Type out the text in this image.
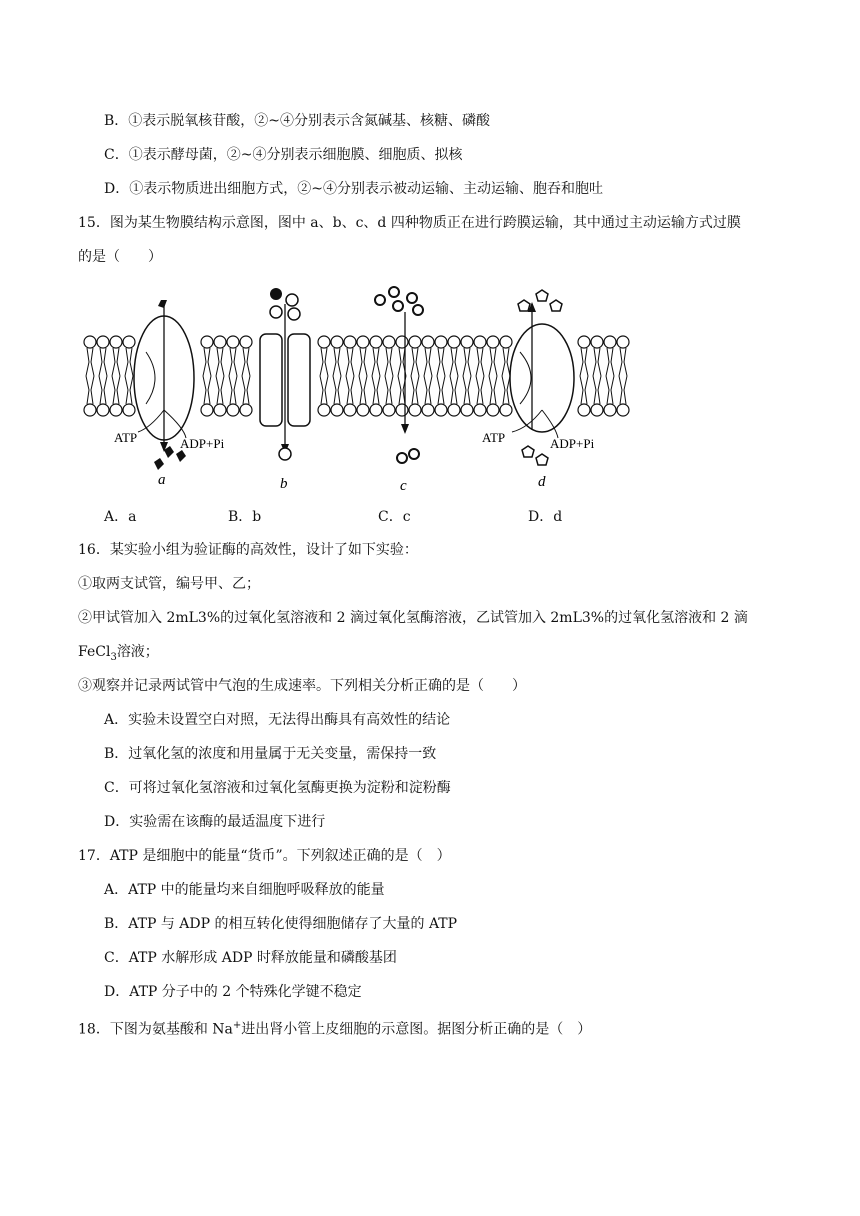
B．①表示脱氧核苷酸，②~④分别表示含氮碱基、核糖、磷酸
C．①表示酵母菌，②~④分别表示细胞膜、细胞质、拟核
D．①表示物质进出细胞方式，②~④分别表示被动运输、主动运输、胞吞和胞吐
15．图为某生物膜结构示意图，图中 a、b、c、d 四种物质正在进行跨膜运输，其中通过主动运输方式过膜
的是（　　）
ATP	ADP+Pi	ATP	ADP+Pi
a	b	c	d
A．a	B．b	C．c	D．d
16．某实验小组为验证酶的高效性，设计了如下实验：
①取两支试管，编号甲、乙；
②甲试管加入 2mL3%的过氧化氢溶液和 2 滴过氧化氢酶溶液，乙试管加入 2mL3%的过氧化氢溶液和 2 滴
FeCl$_3$溶液；
③观察并记录两试管中气泡的生成速率。下列相关分析正确的是（　　）
A．实验未设置空白对照，无法得出酶具有高效性的结论
B．过氧化氢的浓度和用量属于无关变量，需保持一致
C．可将过氧化氢溶液和过氧化氢酶更换为淀粉和淀粉酶
D．实验需在该酶的最适温度下进行
17．ATP 是细胞中的能量“货币”。下列叙述正确的是（　）
A．ATP 中的能量均来自细胞呼吸释放的能量
B．ATP 与 ADP 的相互转化使得细胞储存了大量的 ATP
C．ATP 水解形成 ADP 时释放能量和磷酸基团
D．ATP 分子中的 2 个特殊化学键不稳定
18．下图为氨基酸和 Na+进出肾小管上皮细胞的示意图。据图分析正确的是（　）
